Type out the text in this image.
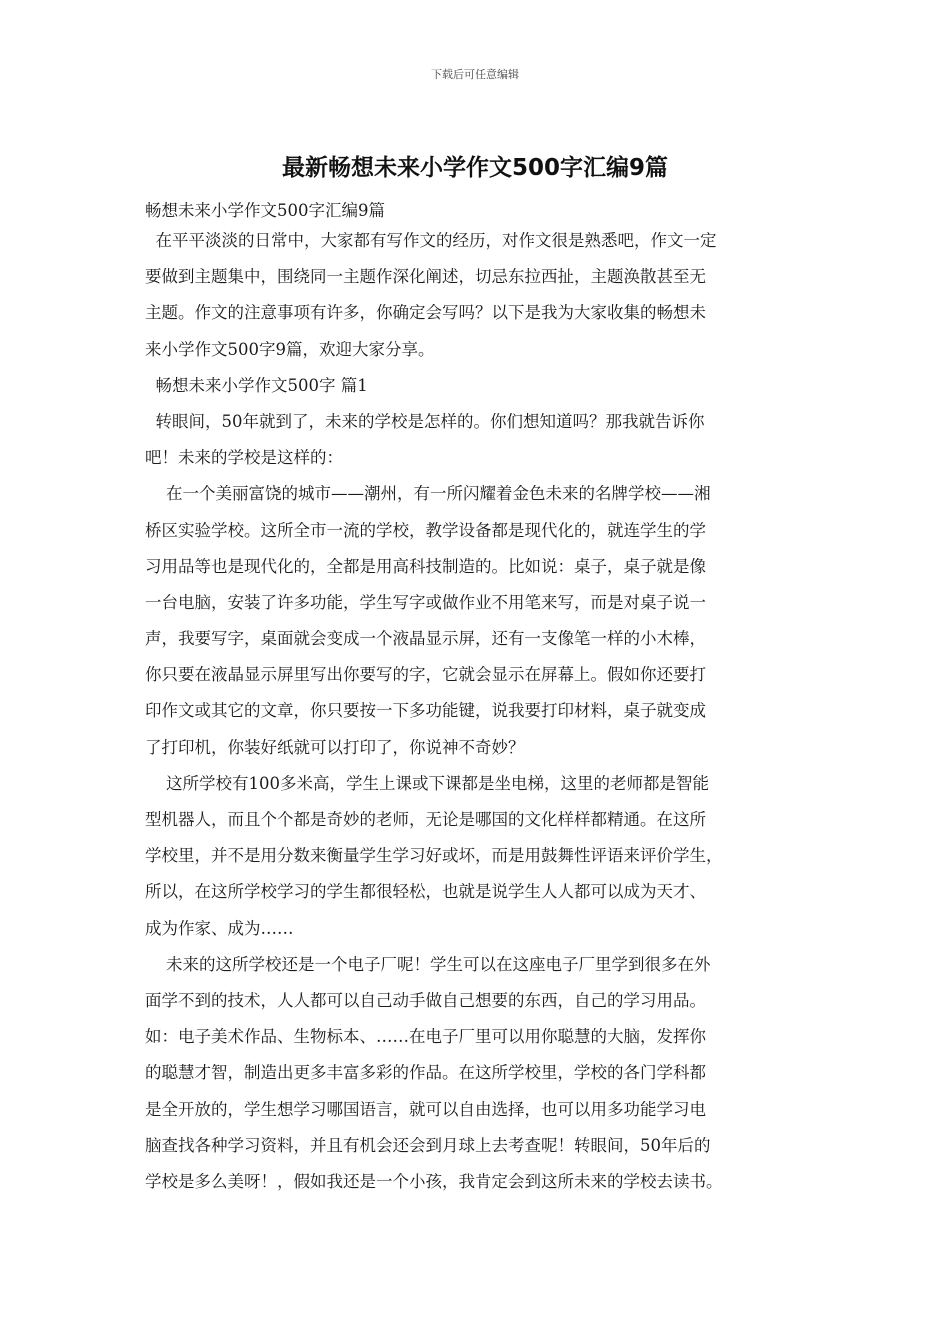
下载后可任意编辑
最新畅想未来小学作文500字汇编9篇
畅想未来小学作文500字汇编9篇
在平平淡淡的日常中，大家都有写作文的经历，对作文很是熟悉吧，作文一定
要做到主题集中，围绕同一主题作深化阐述，切忌东拉西扯，主题涣散甚至无
主题。作文的注意事项有许多，你确定会写吗？以下是我为大家收集的畅想未
来小学作文500字9篇，欢迎大家分享。
畅想未来小学作文500字 篇1
转眼间，50年就到了，未来的学校是怎样的。你们想知道吗？那我就告诉你
吧！未来的学校是这样的：
在一个美丽富饶的城市——潮州，有一所闪耀着金色未来的名牌学校——湘
桥区实验学校。这所全市一流的学校，教学设备都是现代化的，就连学生的学
习用品等也是现代化的，全都是用高科技制造的。比如说：桌子，桌子就是像
一台电脑，安装了许多功能，学生写字或做作业不用笔来写，而是对桌子说一
声，我要写字，桌面就会变成一个液晶显示屏，还有一支像笔一样的小木棒，
你只要在液晶显示屏里写出你要写的字，它就会显示在屏幕上。假如你还要打
印作文或其它的文章，你只要按一下多功能键，说我要打印材料，桌子就变成
了打印机，你装好纸就可以打印了，你说神不奇妙？
这所学校有100多米高，学生上课或下课都是坐电梯，这里的老师都是智能
型机器人，而且个个都是奇妙的老师，无论是哪国的文化样样都精通。在这所
学校里，并不是用分数来衡量学生学习好或坏，而是用鼓舞性评语来评价学生，
所以，在这所学校学习的学生都很轻松，也就是说学生人人都可以成为天才、
成为作家、成为……
未来的这所学校还是一个电子厂呢！学生可以在这座电子厂里学到很多在外
面学不到的技术，人人都可以自己动手做自己想要的东西，自己的学习用品。
如：电子美术作品、生物标本、……在电子厂里可以用你聪慧的大脑，发挥你
的聪慧才智，制造出更多丰富多彩的作品。在这所学校里，学校的各门学科都
是全开放的，学生想学习哪国语言，就可以自由选择，也可以用多功能学习电
脑查找各种学习资料，并且有机会还会到月球上去考查呢！转眼间，50年后的
学校是多么美呀！，假如我还是一个小孩，我肯定会到这所未来的学校去读书。
